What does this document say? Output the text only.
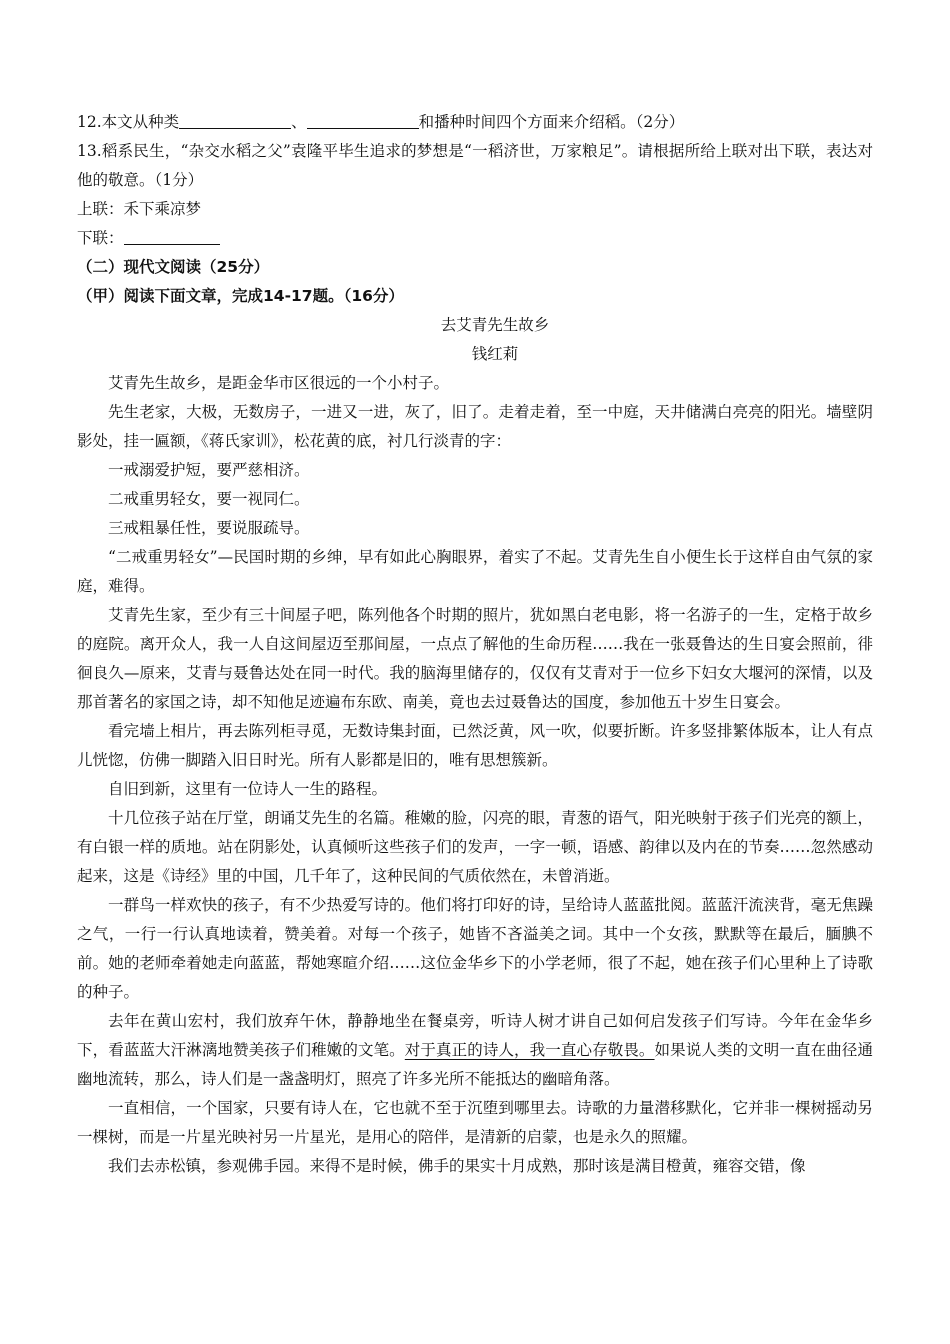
12.本文从种类	、	和播种时间四个方面来介绍稻。（2分）
13.稻系民生，“杂交水稻之父”袁隆平毕生追求的梦想是“一稻济世，万家粮足”。请根据所给上联对出下联，表达对他的敬意。（1分）
上联：禾下乘凉梦
下联：
（二）现代文阅读（25分）
（甲）阅读下面文章，完成14-17题。（16分）
去艾青先生故乡
钱红莉

艾青先生故乡，是距金华市区很远的一个小村子。

先生老家，大极，无数房子，一进又一进，灰了，旧了。走着走着，至一中庭，天井储满白亮亮的阳光。墙壁阴影处，挂一匾额，《蒋氏家训》，松花黄的底，衬几行淡青的字：

一戒溺爱护短，要严慈相济。

二戒重男轻女，要一视同仁。

三戒粗暴任性，要说服疏导。

“二戒重男轻女”—民国时期的乡绅，早有如此心胸眼界，着实了不起。艾青先生自小便生长于这样自由气氛的家庭，难得。

艾青先生家，至少有三十间屋子吧，陈列他各个时期的照片，犹如黑白老电影，将一名游子的一生，定格于故乡的庭院。离开众人，我一人自这间屋迈至那间屋，一点点了解他的生命历程……我在一张聂鲁达的生日宴会照前，徘徊良久—原来，艾青与聂鲁达处在同一时代。我的脑海里储存的，仅仅有艾青对于一位乡下妇女大堰河的深情，以及那首著名的家国之诗，却不知他足迹遍布东欧、南美，竟也去过聂鲁达的国度，参加他五十岁生日宴会。

看完墙上相片，再去陈列柜寻觅，无数诗集封面，已然泛黄，风一吹，似要折断。许多竖排繁体版本，让人有点儿恍惚，仿佛一脚踏入旧日时光。所有人影都是旧的，唯有思想簇新。

自旧到新，这里有一位诗人一生的路程。

十几位孩子站在厅堂，朗诵艾先生的名篇。稚嫩的脸，闪亮的眼，青葱的语气，阳光映射于孩子们光亮的额上，有白银一样的质地。站在阴影处，认真倾听这些孩子们的发声，一字一顿，语感、韵律以及内在的节奏……忽然感动起来，这是《诗经》里的中国，几千年了，这种民间的气质依然在，未曾消逝。

一群鸟一样欢快的孩子，有不少热爱写诗的。他们将打印好的诗，呈给诗人蓝蓝批阅。蓝蓝汗流浃背，毫无焦躁之气，一行一行认真地读着，赞美着。对每一个孩子，她皆不吝溢美之词。其中一个女孩，默默等在最后，腼腆不前。她的老师牵着她走向蓝蓝，帮她寒暄介绍……这位金华乡下的小学老师，很了不起，她在孩子们心里种上了诗歌的种子。

去年在黄山宏村，我们放弃午休，静静地坐在餐桌旁，听诗人树才讲自己如何启发孩子们写诗。今年在金华乡下，看蓝蓝大汗淋漓地赞美孩子们稚嫩的文笔。对于真正的诗人，我一直心存敬畏。如果说人类的文明一直在曲径通幽地流转，那么，诗人们是一盏盏明灯，照亮了许多光所不能抵达的幽暗角落。

一直相信，一个国家，只要有诗人在，它也就不至于沉堕到哪里去。诗歌的力量潜移默化，它并非一棵树摇动另一棵树，而是一片星光映衬另一片星光，是用心的陪伴，是清新的启蒙，也是永久的照耀。

我们去赤松镇，参观佛手园。来得不是时候，佛手的果实十月成熟，那时该是满目橙黄，雍容交错，像
